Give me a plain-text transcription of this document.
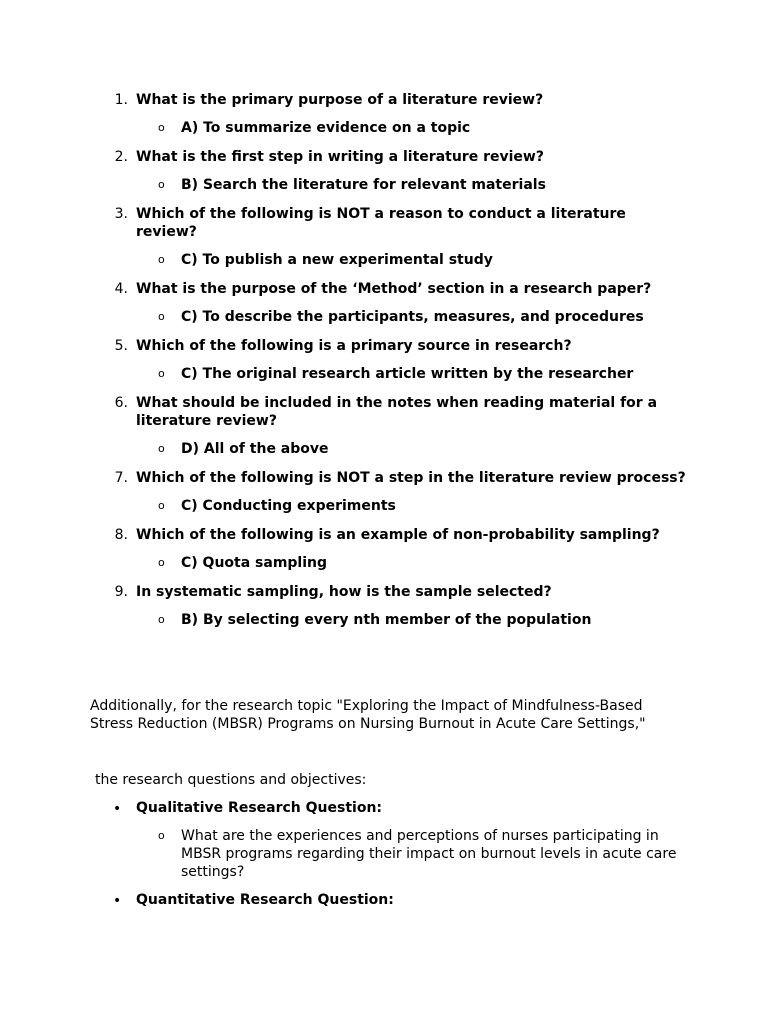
1. What is the primary purpose of a literature review?
o A) To summarize evidence on a topic
2. What is the first step in writing a literature review?
o B) Search the literature for relevant materials
3. Which of the following is NOT a reason to conduct a literature review?
o C) To publish a new experimental study
4. What is the purpose of the ‘Method’ section in a research paper?
o C) To describe the participants, measures, and procedures
5. Which of the following is a primary source in research?
o C) The original research article written by the researcher
6. What should be included in the notes when reading material for a literature review?
o D) All of the above
7. Which of the following is NOT a step in the literature review process?
o C) Conducting experiments
8. Which of the following is an example of non-probability sampling?
o C) Quota sampling
9. In systematic sampling, how is the sample selected?
o B) By selecting every nth member of the population
Additionally, for the research topic "Exploring the Impact of Mindfulness-Based Stress Reduction (MBSR) Programs on Nursing Burnout in Acute Care Settings,"
the research questions and objectives:
• Qualitative Research Question:
o What are the experiences and perceptions of nurses participating in MBSR programs regarding their impact on burnout levels in acute care settings?
• Quantitative Research Question:
